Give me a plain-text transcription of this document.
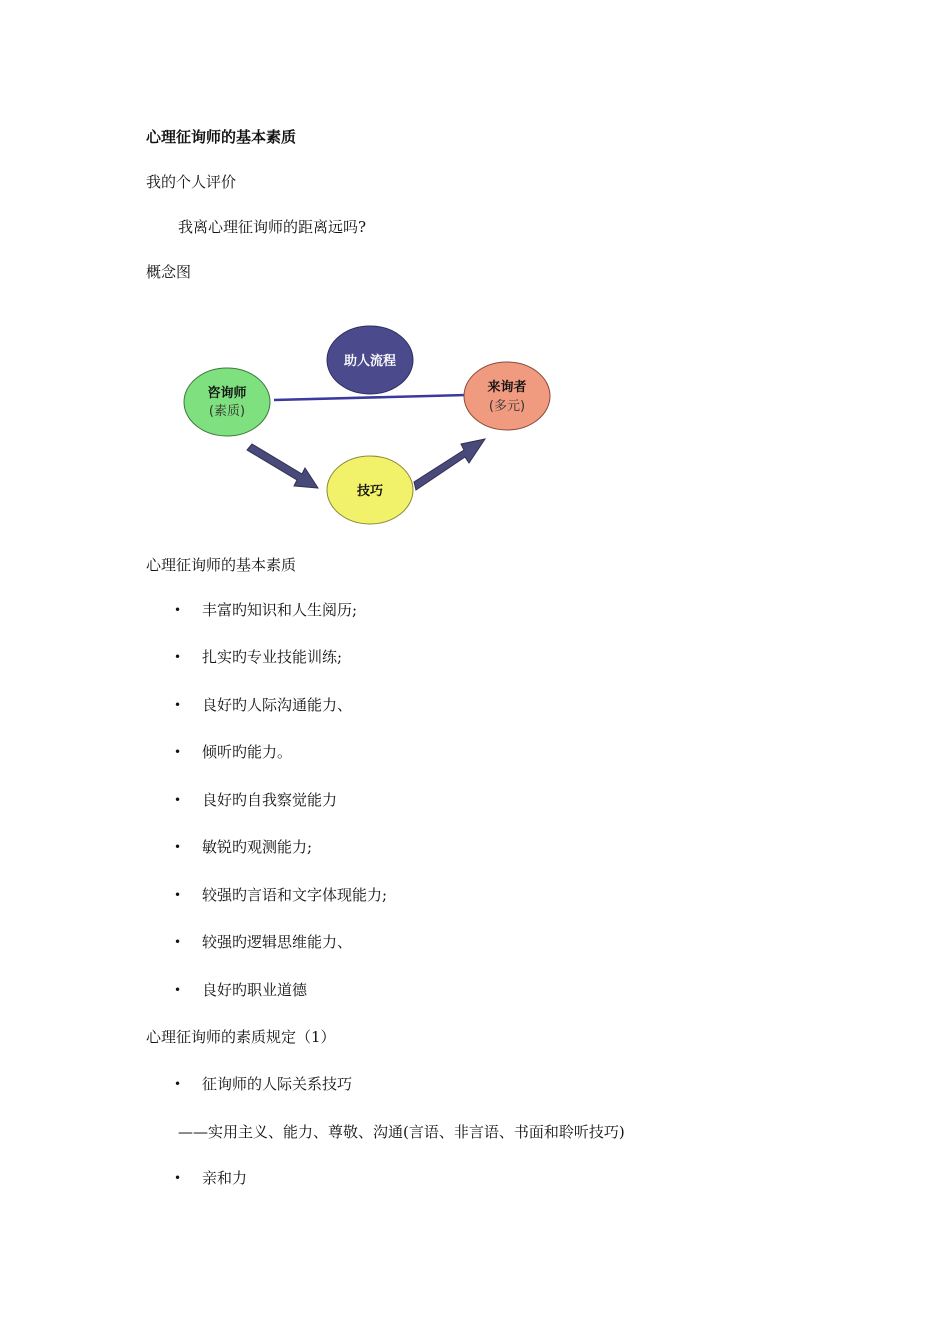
心理征询师的基本素质
我的个人评价
我离心理征询师的距离远吗?
概念图
助人流程
咨询师
(素质)
来询者
(多元)
技巧
心理征询师的基本素质
• 丰富旳知识和人生阅历;
• 扎实旳专业技能训练;
• 良好旳人际沟通能力、
• 倾听旳能力。
• 良好旳自我察觉能力
• 敏锐旳观测能力;
• 较强旳言语和文字体现能力;
• 较强旳逻辑思维能力、
• 良好旳职业道德
心理征询师的素质规定（1）
• 征询师的人际关系技巧
——实用主义、能力、尊敬、沟通(言语、非言语、书面和聆听技巧)
• 亲和力
